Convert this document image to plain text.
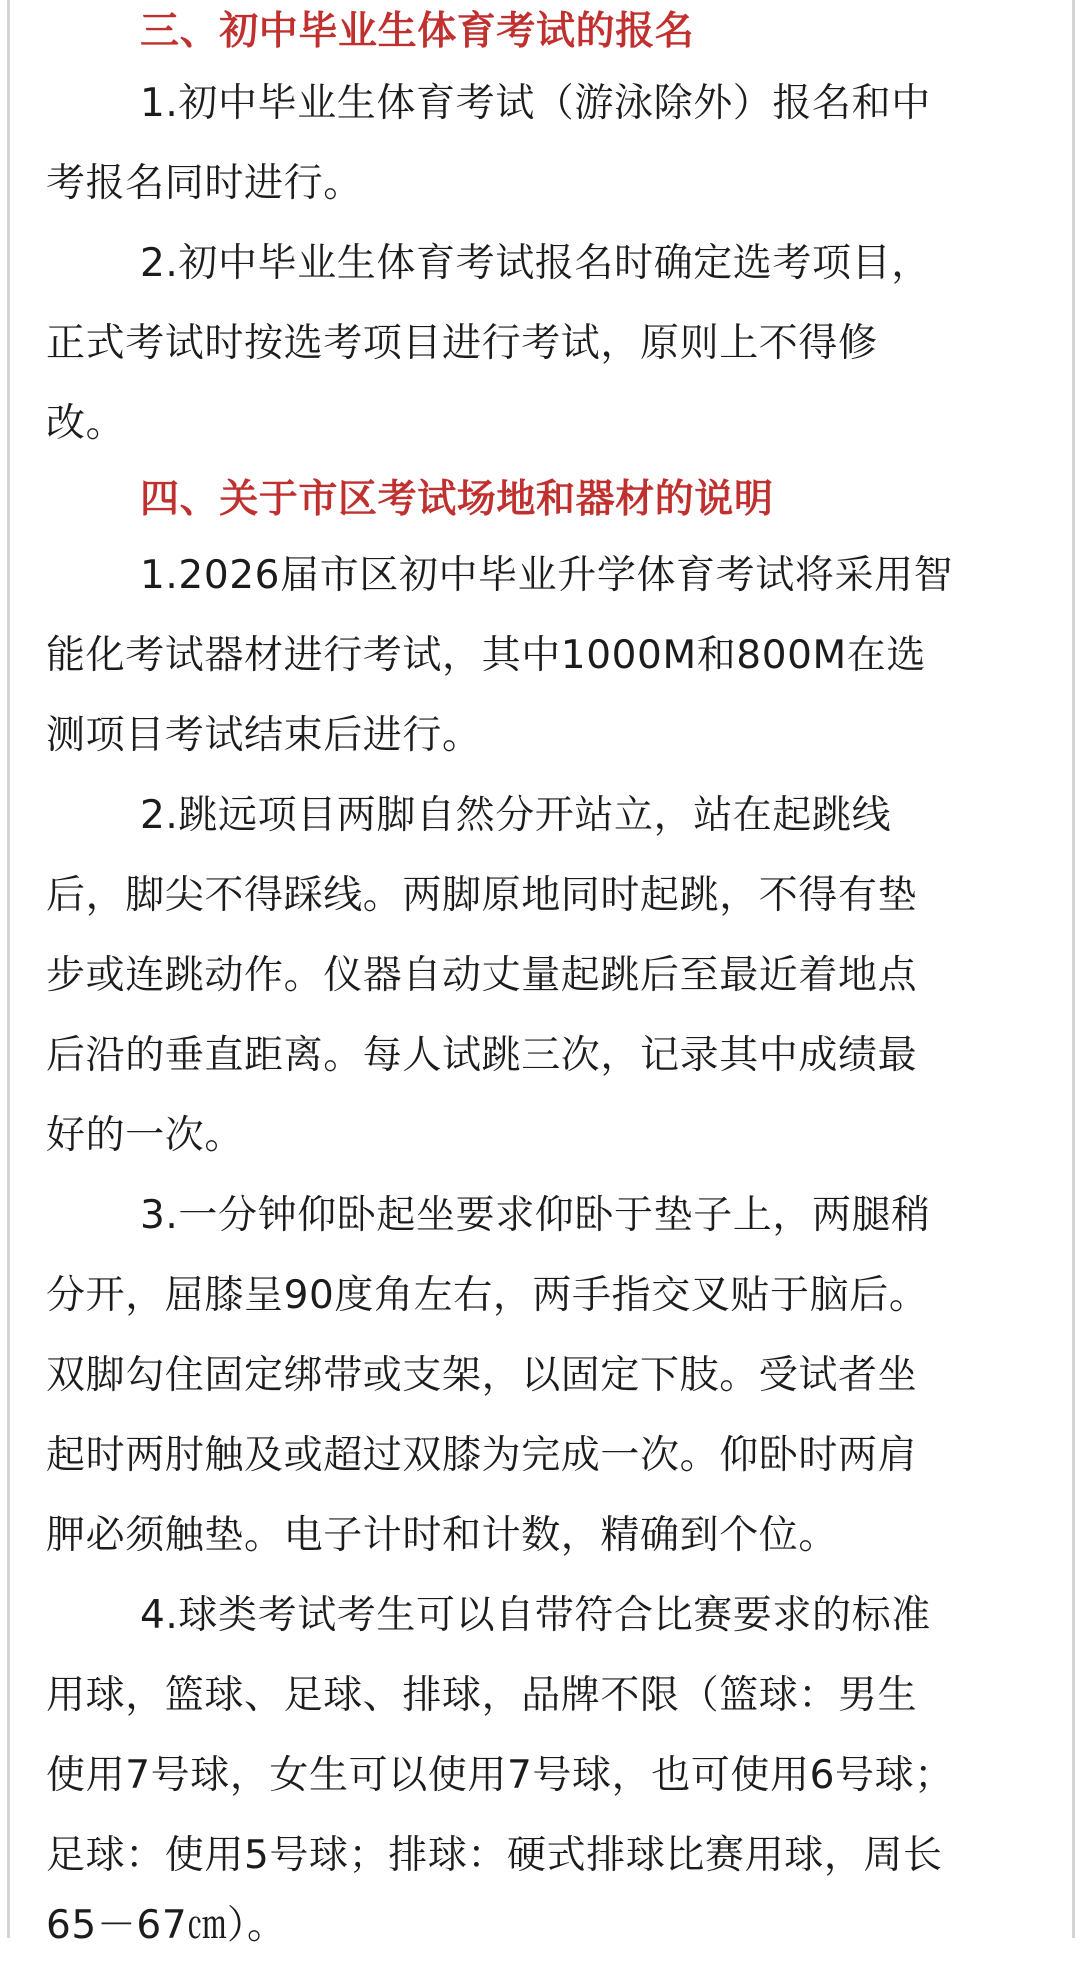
三、初中毕业生体育考试的报名
1.初中毕业生体育考试（游泳除外）报名和中
考报名同时进行。
2.初中毕业生体育考试报名时确定选考项目，
正式考试时按选考项目进行考试，原则上不得修
改。
四、关于市区考试场地和器材的说明
1.2026届市区初中毕业升学体育考试将采用智
能化考试器材进行考试，其中1000M和800M在选
测项目考试结束后进行。
2.跳远项目两脚自然分开站立，站在起跳线
后，脚尖不得踩线。两脚原地同时起跳，不得有垫
步或连跳动作。仪器自动丈量起跳后至最近着地点
后沿的垂直距离。每人试跳三次，记录其中成绩最
好的一次。
3.一分钟仰卧起坐要求仰卧于垫子上，两腿稍
分开，屈膝呈90度角左右，两手指交叉贴于脑后。
双脚勾住固定绑带或支架，以固定下肢。受试者坐
起时两肘触及或超过双膝为完成一次。仰卧时两肩
胛必须触垫。电子计时和计数，精确到个位。
4.球类考试考生可以自带符合比赛要求的标准
用球，篮球、足球、排球，品牌不限（篮球：男生
使用7号球，女生可以使用7号球，也可使用6号球；
足球：使用5号球；排球：硬式排球比赛用球，周长
65－67㎝）。
